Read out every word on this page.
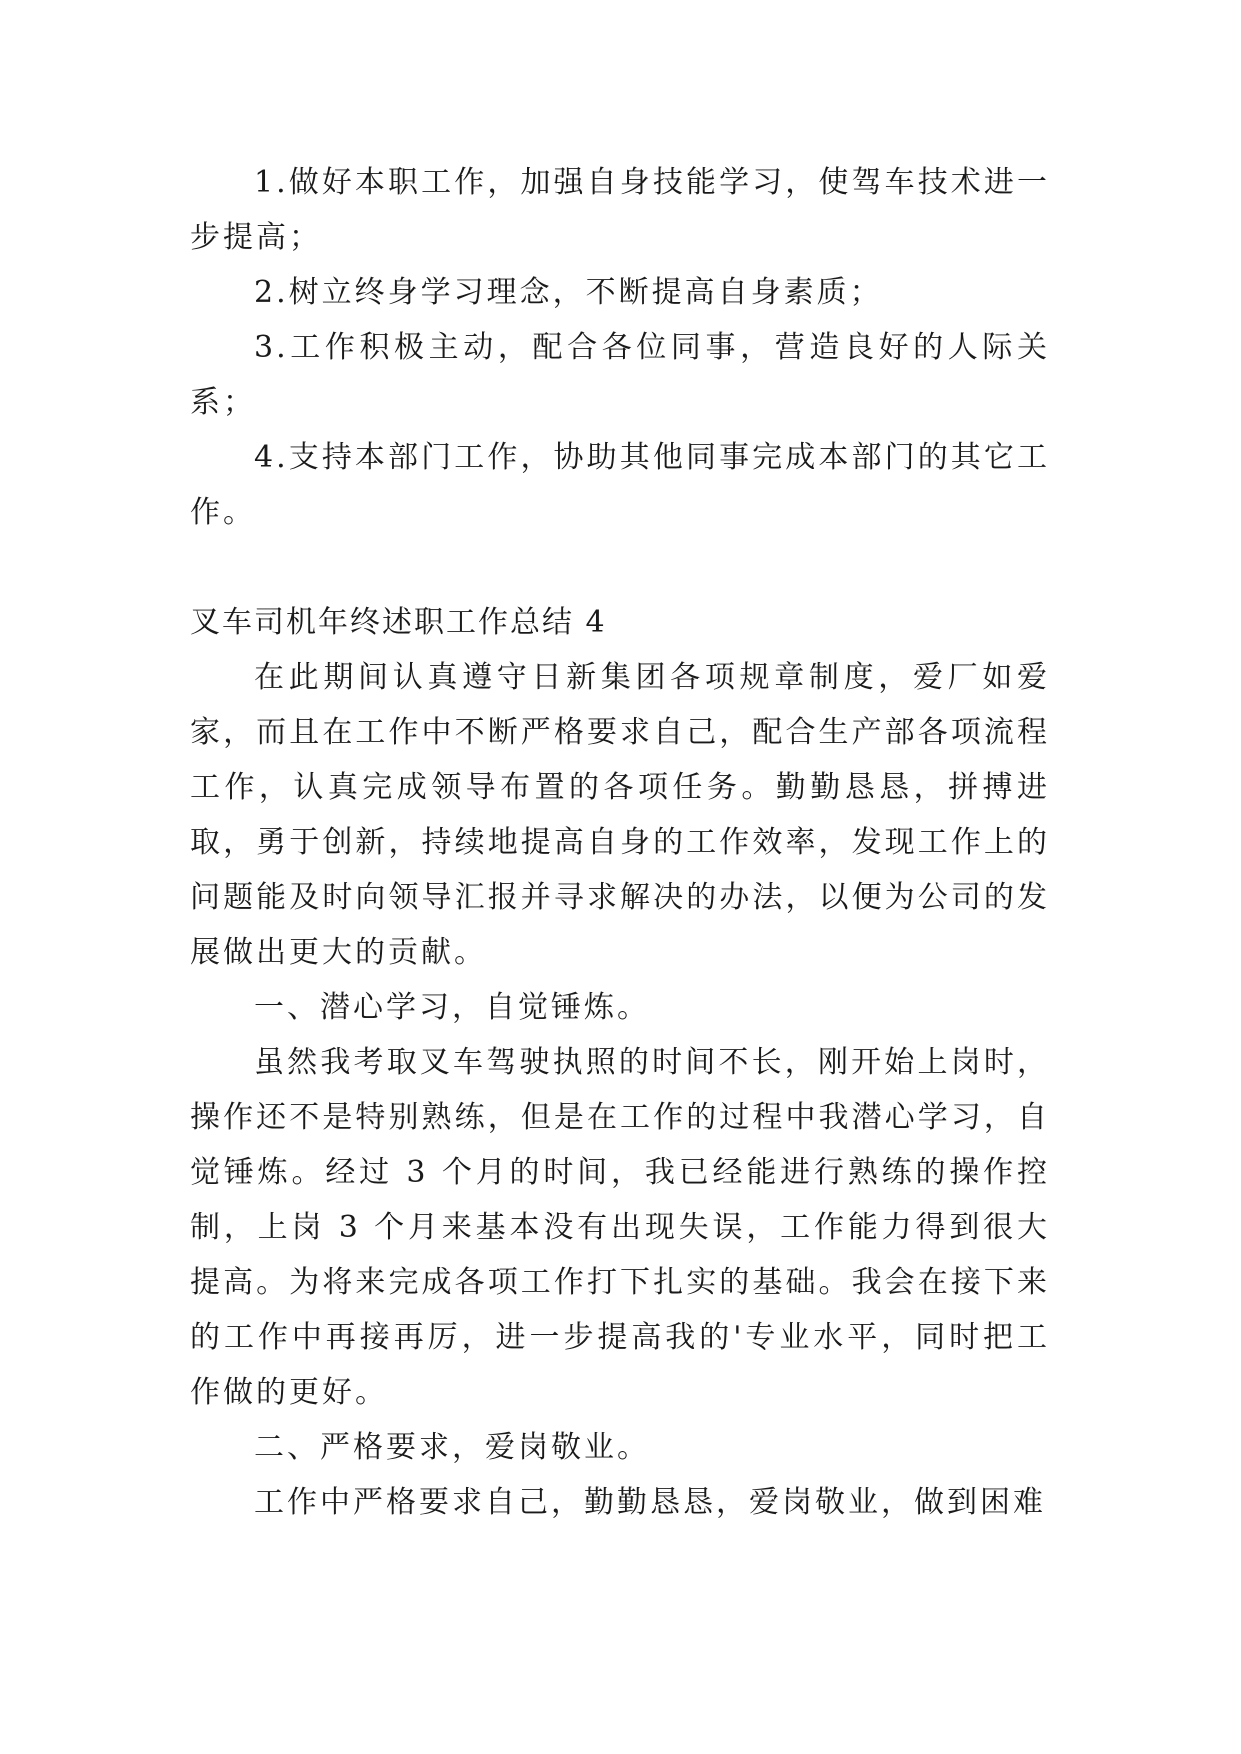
1.做好本职工作，加强自身技能学习，使驾车技术进一步提高；

2.树立终身学习理念，不断提高自身素质；

3.工作积极主动，配合各位同事，营造良好的人际关系；

4.支持本部门工作，协助其他同事完成本部门的其它工作。

叉车司机年终述职工作总结 4

在此期间认真遵守日新集团各项规章制度，爱厂如爱家，而且在工作中不断严格要求自己，配合生产部各项流程工作，认真完成领导布置的各项任务。勤勤恳恳，拼搏进取，勇于创新，持续地提高自身的工作效率，发现工作上的问题能及时向领导汇报并寻求解决的办法，以便为公司的发展做出更大的贡献。

一、潜心学习，自觉锤炼。

虽然我考取叉车驾驶执照的时间不长，刚开始上岗时，操作还不是特别熟练，但是在工作的过程中我潜心学习，自觉锤炼。经过 3 个月的时间，我已经能进行熟练的操作控制，上岗 3 个月来基本没有出现失误，工作能力得到很大提高。为将来完成各项工作打下扎实的基础。我会在接下来的工作中再接再厉，进一步提高我的'专业水平，同时把工作做的更好。

二、严格要求，爱岗敬业。

工作中严格要求自己，勤勤恳恳，爱岗敬业，做到困难
